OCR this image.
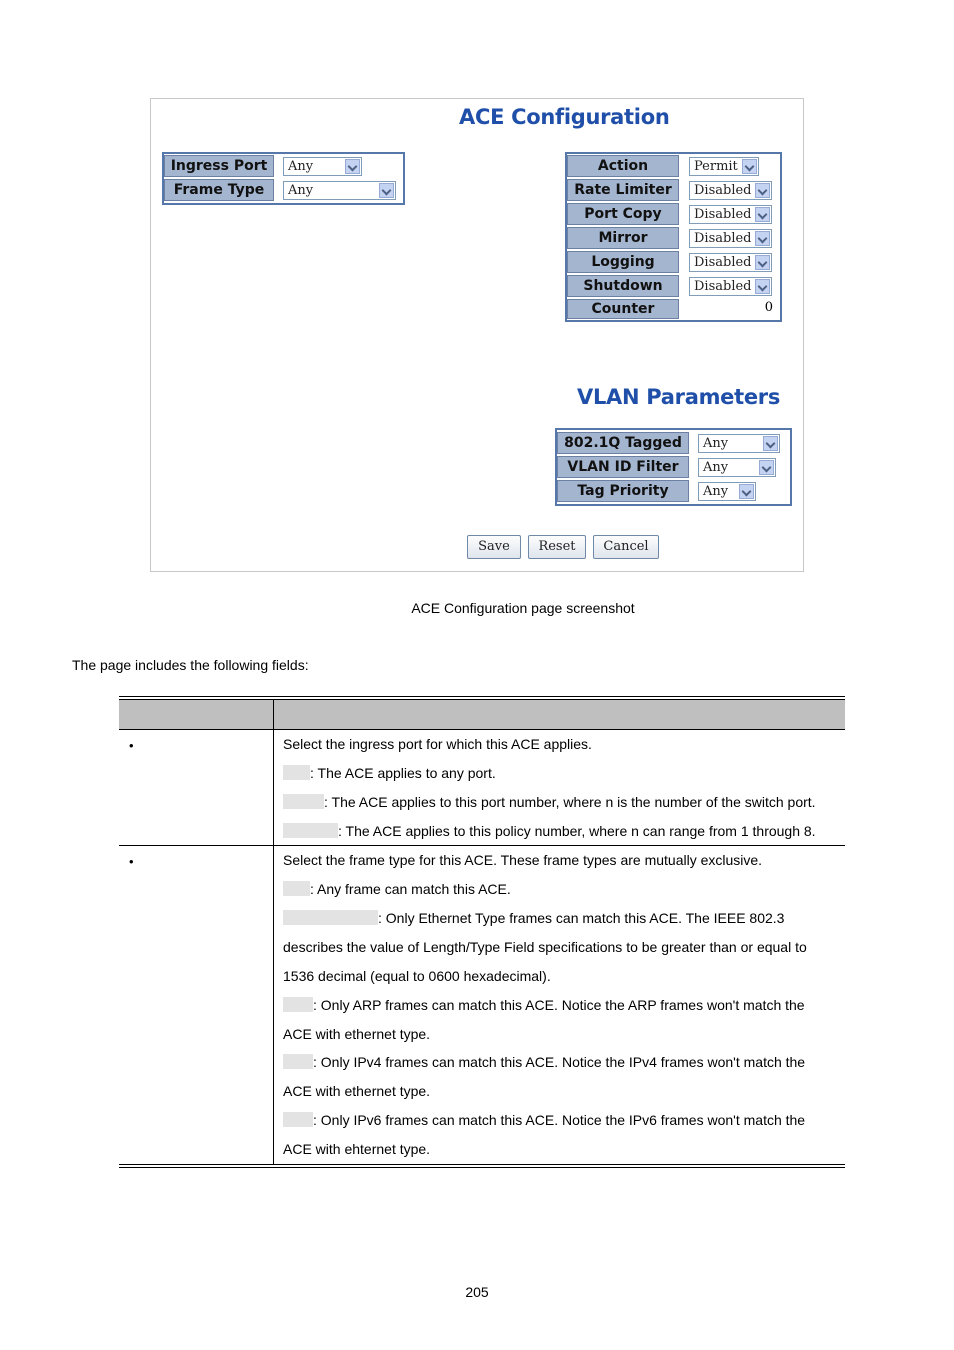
ACE Configuration
Ingress Port	Any
Frame Type	Any
Action	Permit
Rate Limiter	Disabled
Port Copy	Disabled
Mirror	Disabled
Logging	Disabled
Shutdown	Disabled
Counter	0
VLAN Parameters
802.1Q Tagged	Any
VLAN ID Filter	Any
Tag Priority	Any
Save	Reset	Cancel
ACE Configuration page screenshot
The page includes the following fields:
•	Select the ingress port for which this ACE applies.
: The ACE applies to any port.
: The ACE applies to this port number, where n is the number of the switch port.
: The ACE applies to this policy number, where n can range from 1 through 8.
•	Select the frame type for this ACE. These frame types are mutually exclusive.
: Any frame can match this ACE.
: Only Ethernet Type frames can match this ACE. The IEEE 802.3
describes the value of Length/Type Field specifications to be greater than or equal to
1536 decimal (equal to 0600 hexadecimal).
: Only ARP frames can match this ACE. Notice the ARP frames won't match the
ACE with ethernet type.
: Only IPv4 frames can match this ACE. Notice the IPv4 frames won't match the
ACE with ethernet type.
: Only IPv6 frames can match this ACE. Notice the IPv6 frames won't match the
ACE with ehternet type.
205
